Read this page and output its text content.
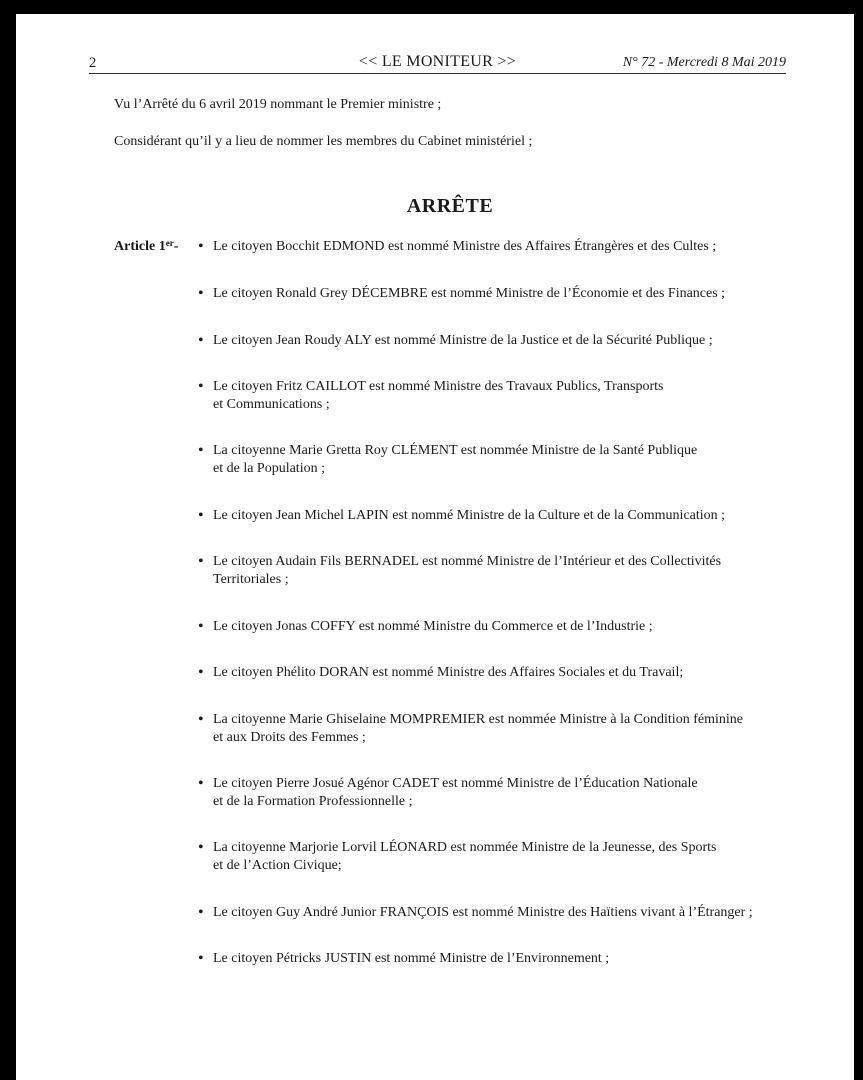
2	<< LE MONITEUR >>	N° 72 - Mercredi 8 Mai 2019
Vu l’Arrêté du 6 avril 2019 nommant le Premier ministre ;
Considérant qu’il y a lieu de nommer les membres du Cabinet ministériel ;
ARRÊTE
Article 1er- • Le citoyen Bocchit EDMOND est nommé Ministre des Affaires Étrangères et des Cultes ;
• Le citoyen Ronald Grey DÉCEMBRE est nommé Ministre de l’Économie et des Finances ;
• Le citoyen Jean Roudy ALY est nommé Ministre de la Justice et de la Sécurité Publique ;
• Le citoyen Fritz CAILLOT est nommé Ministre des Travaux Publics, Transports
et Communications ;
• La citoyenne Marie Gretta Roy CLÉMENT est nommée Ministre de la Santé Publique
et de la Population ;
• Le citoyen Jean Michel LAPIN est nommé Ministre de la Culture et de la Communication ;
• Le citoyen Audain Fils BERNADEL est nommé Ministre de l’Intérieur et des Collectivités
Territoriales ;
• Le citoyen Jonas COFFY est nommé Ministre du Commerce et de l’Industrie ;
• Le citoyen Phélito DORAN est nommé Ministre des Affaires Sociales et du Travail;
• La citoyenne Marie Ghiselaine MOMPREMIER est nommée Ministre à la Condition féminine
et aux Droits des Femmes ;
• Le citoyen Pierre Josué Agénor CADET est nommé Ministre de l’Éducation Nationale
et de la Formation Professionnelle ;
• La citoyenne Marjorie Lorvil LÉONARD est nommée Ministre de la Jeunesse, des Sports
et de l’Action Civique;
• Le citoyen Guy André Junior FRANÇOIS est nommé Ministre des Haïtiens vivant à l’Étranger ;
• Le citoyen Pétricks JUSTIN est nommé Ministre de l’Environnement ;
